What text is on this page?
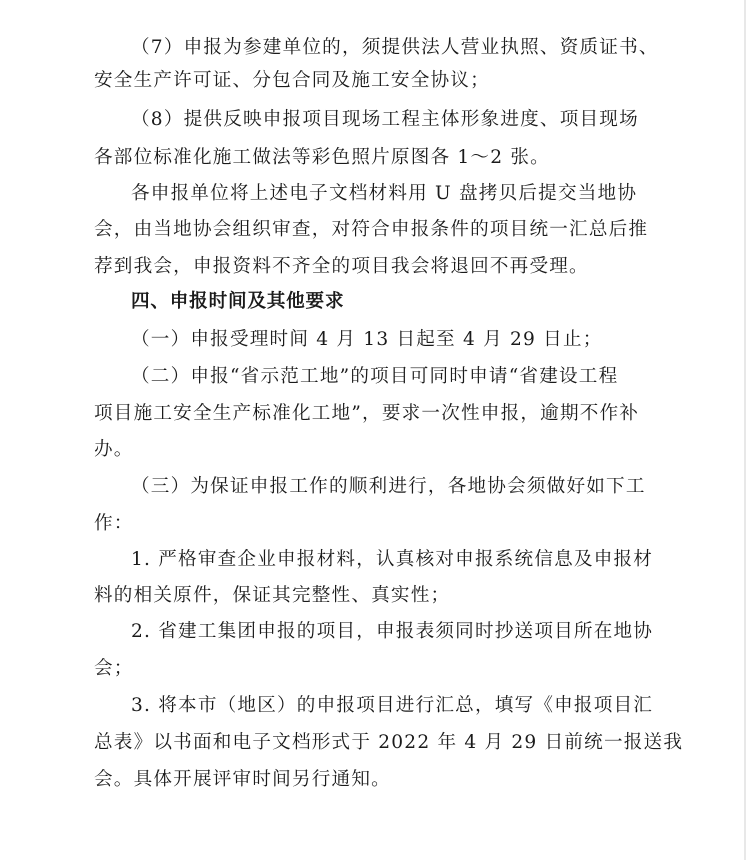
（7）申报为参建单位的，须提供法人营业执照、资质证书、
安全生产许可证、分包合同及施工安全协议；
（8）提供反映申报项目现场工程主体形象进度、项目现场
各部位标准化施工做法等彩色照片原图各 1～2 张。
各申报单位将上述电子文档材料用 U 盘拷贝后提交当地协
会，由当地协会组织审查，对符合申报条件的项目统一汇总后推
荐到我会，申报资料不齐全的项目我会将退回不再受理。
四、申报时间及其他要求
（一）申报受理时间 4 月 13 日起至 4 月 29 日止；
（二）申报“省示范工地”的项目可同时申请“省建设工程
项目施工安全生产标准化工地”，要求一次性申报，逾期不作补
办。
（三）为保证申报工作的顺利进行，各地协会须做好如下工
作：
1. 严格审查企业申报材料，认真核对申报系统信息及申报材
料的相关原件，保证其完整性、真实性；
2. 省建工集团申报的项目，申报表须同时抄送项目所在地协
会；
3. 将本市（地区）的申报项目进行汇总，填写《申报项目汇
总表》以书面和电子文档形式于 2022 年 4 月 29 日前统一报送我
会。具体开展评审时间另行通知。
